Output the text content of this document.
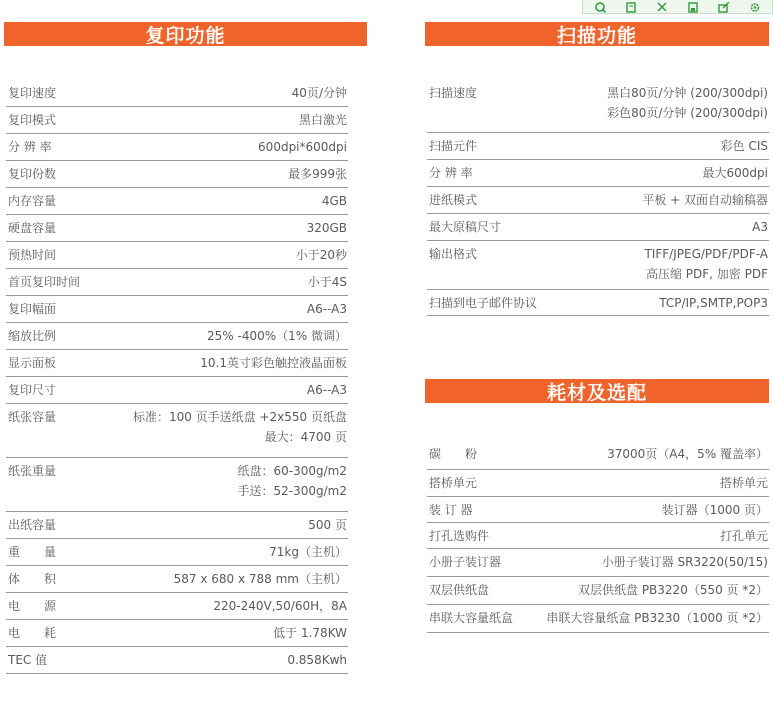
复印功能	扫描功能
耗材及选配
复印速度	40页/分钟
复印模式	黑白激光
分 辨 率	600dpi*600dpi
复印份数	最多999张
内存容量	4GB
硬盘容量	320GB
预热时间	小于20秒
首页复印时间	小于4S
复印幅面	A6--A3
缩放比例	25% -400%（1% 微调）
显示面板	10.1英寸彩色触控液晶面板
复印尺寸	A6--A3
纸张容量	标准：100 页手送纸盘 +2x550 页纸盘
最大：4700 页
纸张重量	纸盘：60-300g/m2
手送：52-300g/m2
出纸容量	500 页
重　　量	71kg（主机）
体　　积	587 x 680 x 788 mm（主机）
电　　源	220-240V,50/60H，8A
电　　耗	低于 1.78KW
TEC 值	0.858Kwh
扫描速度	黑白80页/分钟 (200/300dpi)
彩色80页/分钟 (200/300dpi)
扫描元件	彩色 CIS
分 辨 率	最大600dpi
进纸模式	平板 + 双面自动输稿器
最大原稿尺寸	A3
输出格式	TIFF/JPEG/PDF/PDF-A
高压缩 PDF, 加密 PDF
扫描到电子邮件协议	TCP/IP,SMTP,POP3
碳　　粉	37000页（A4，5% 覆盖率）
搭桥单元	搭桥单元
装 订 器	装订器（1000 页）
打孔选购件	打孔单元
小册子装订器	小册子装订器 SR3220(50/15)
双层供纸盘	双层供纸盘 PB3220（550 页 *2）
串联大容量纸盒	串联大容量纸盒 PB3230（1000 页 *2）
